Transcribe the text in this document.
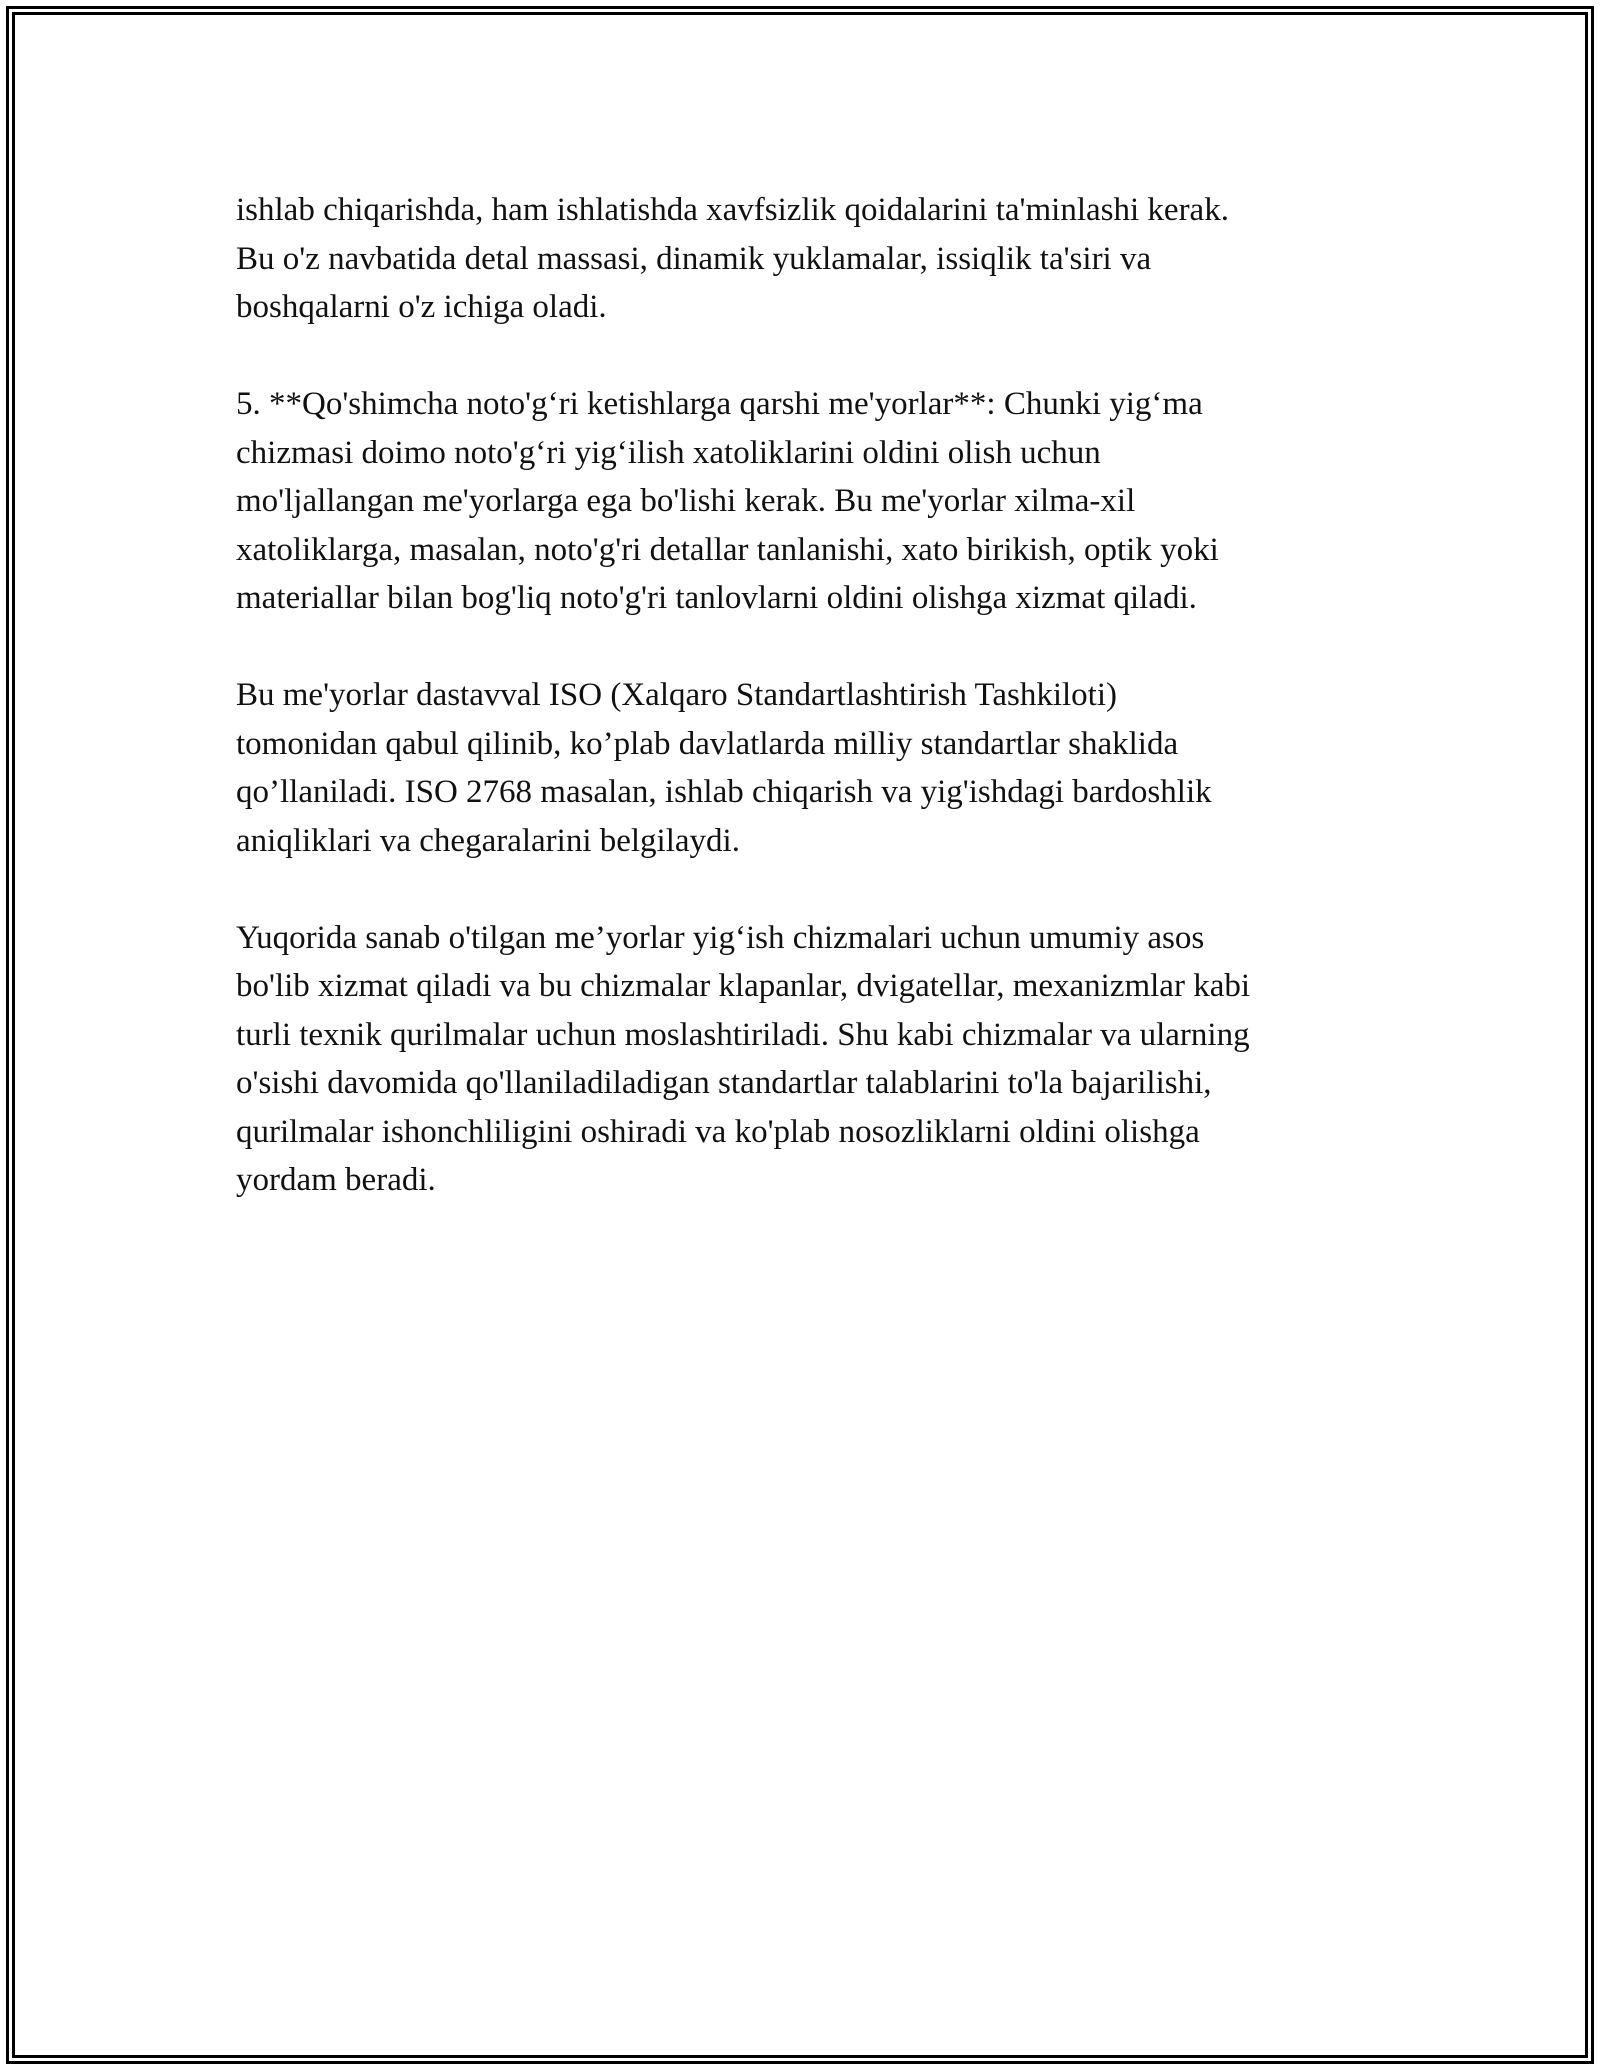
ishlab chiqarishda, ham ishlatishda xavfsizlik qoidalarini ta'minlashi kerak.
Bu o'z navbatida detal massasi, dinamik yuklamalar, issiqlik ta'siri va
boshqalarni o'z ichiga oladi.

5. **Qo'shimcha noto'g‘ri ketishlarga qarshi me'yorlar**: Chunki yig‘ma
chizmasi doimo noto'g‘ri yig‘ilish xatoliklarini oldini olish uchun
mo'ljallangan me'yorlarga ega bo'lishi kerak. Bu me'yorlar xilma-xil
xatoliklarga, masalan, noto'g'ri detallar tanlanishi, xato birikish, optik yoki
materiallar bilan bog'liq noto'g'ri tanlovlarni oldini olishga xizmat qiladi.

Bu me'yorlar dastavval ISO (Xalqaro Standartlashtirish Tashkiloti)
tomonidan qabul qilinib, ko’plab davlatlarda milliy standartlar shaklida
qo’llaniladi. ISO 2768 masalan, ishlab chiqarish va yig'ishdagi bardoshlik
aniqliklari va chegaralarini belgilaydi.

Yuqorida sanab o'tilgan me’yorlar yig‘ish chizmalari uchun umumiy asos
bo'lib xizmat qiladi va bu chizmalar klapanlar, dvigatellar, mexanizmlar kabi
turli texnik qurilmalar uchun moslashtiriladi. Shu kabi chizmalar va ularning
o'sishi davomida qo'llaniladiladigan standartlar talablarini to'la bajarilishi,
qurilmalar ishonchliligini oshiradi va ko'plab nosozliklarni oldini olishga
yordam beradi.
